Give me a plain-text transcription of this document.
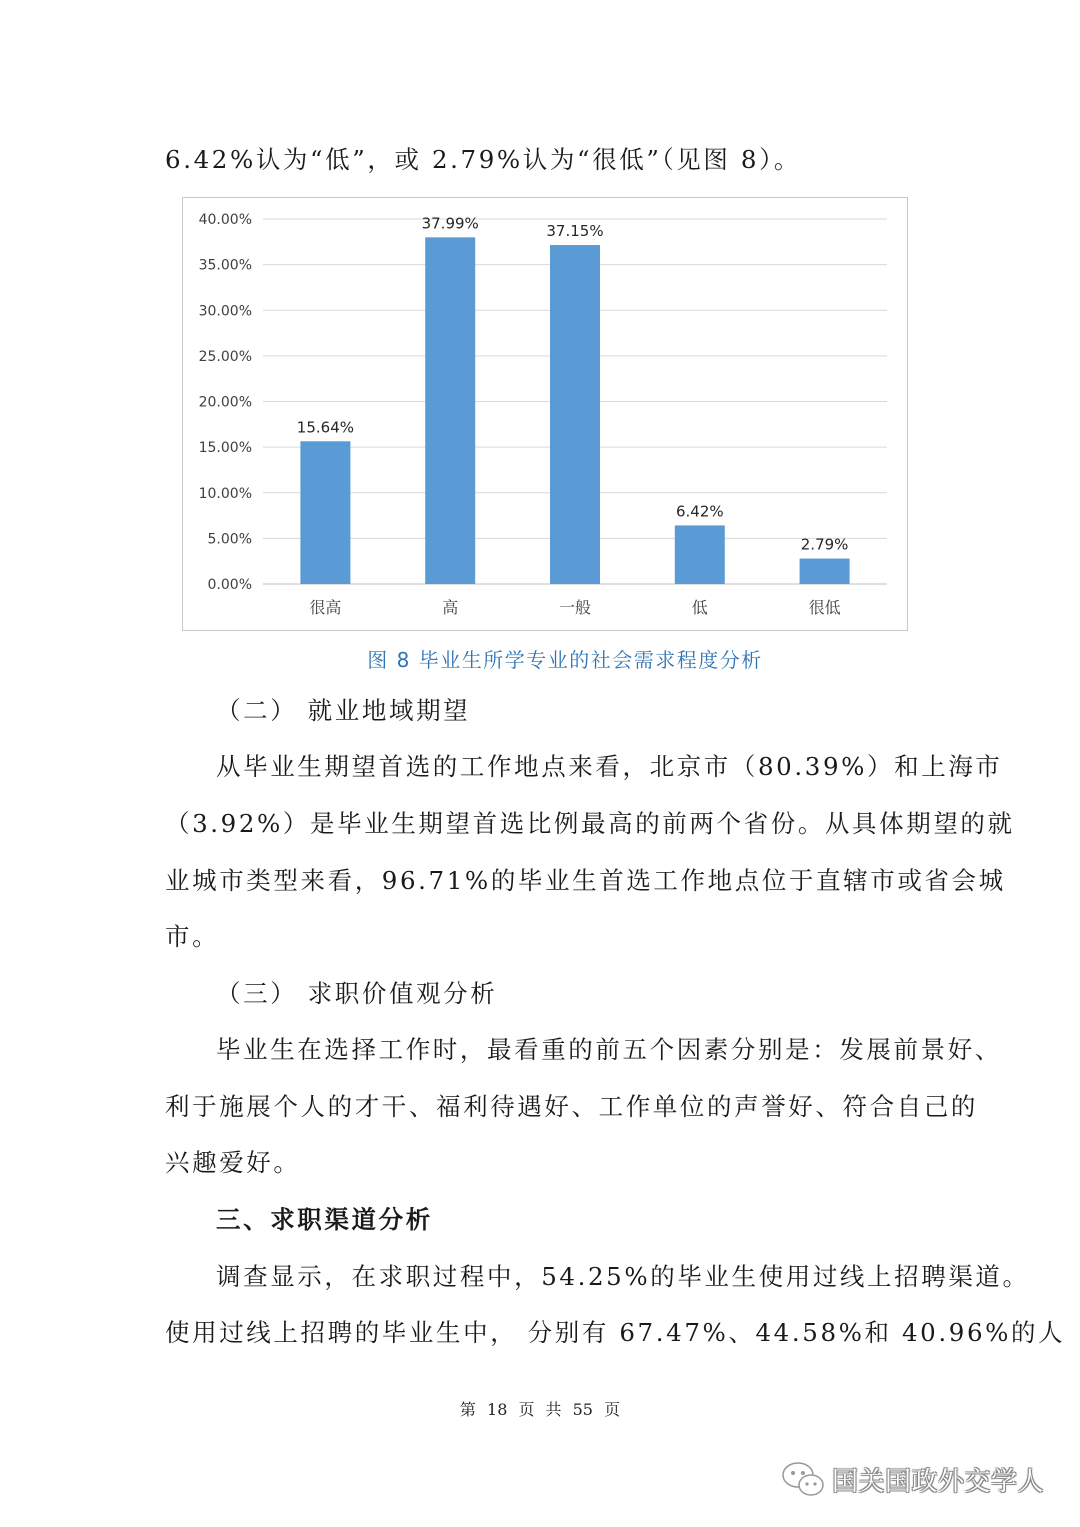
6.42%认为“低”，或 2.79%认为“很低”（见图 8）。
0.00%
5.00%
10.00%
15.00%
20.00%
25.00%
30.00%
35.00%
40.00%
15.64%
很高
37.99%
高
37.15%
一般
6.42%
低
2.79%
很低
图 8 毕业生所学专业的社会需求程度分析
（二） 就业地域期望
从毕业生期望首选的工作地点来看，北京市（80.39%）和上海市
（3.92%）是毕业生期望首选比例最高的前两个省份。从具体期望的就
业城市类型来看，96.71%的毕业生首选工作地点位于直辖市或省会城
市。
（三） 求职价值观分析
毕业生在选择工作时，最看重的前五个因素分别是：发展前景好、
利于施展个人的才干、福利待遇好、工作单位的声誉好、符合自己的
兴趣爱好。
三、求职渠道分析
调查显示，在求职过程中，54.25%的毕业生使用过线上招聘渠道。
使用过线上招聘的毕业生中， 分别有 67.47%、44.58%和 40.96%的人
第 18 页 共 55 页
国关国政外交学人
